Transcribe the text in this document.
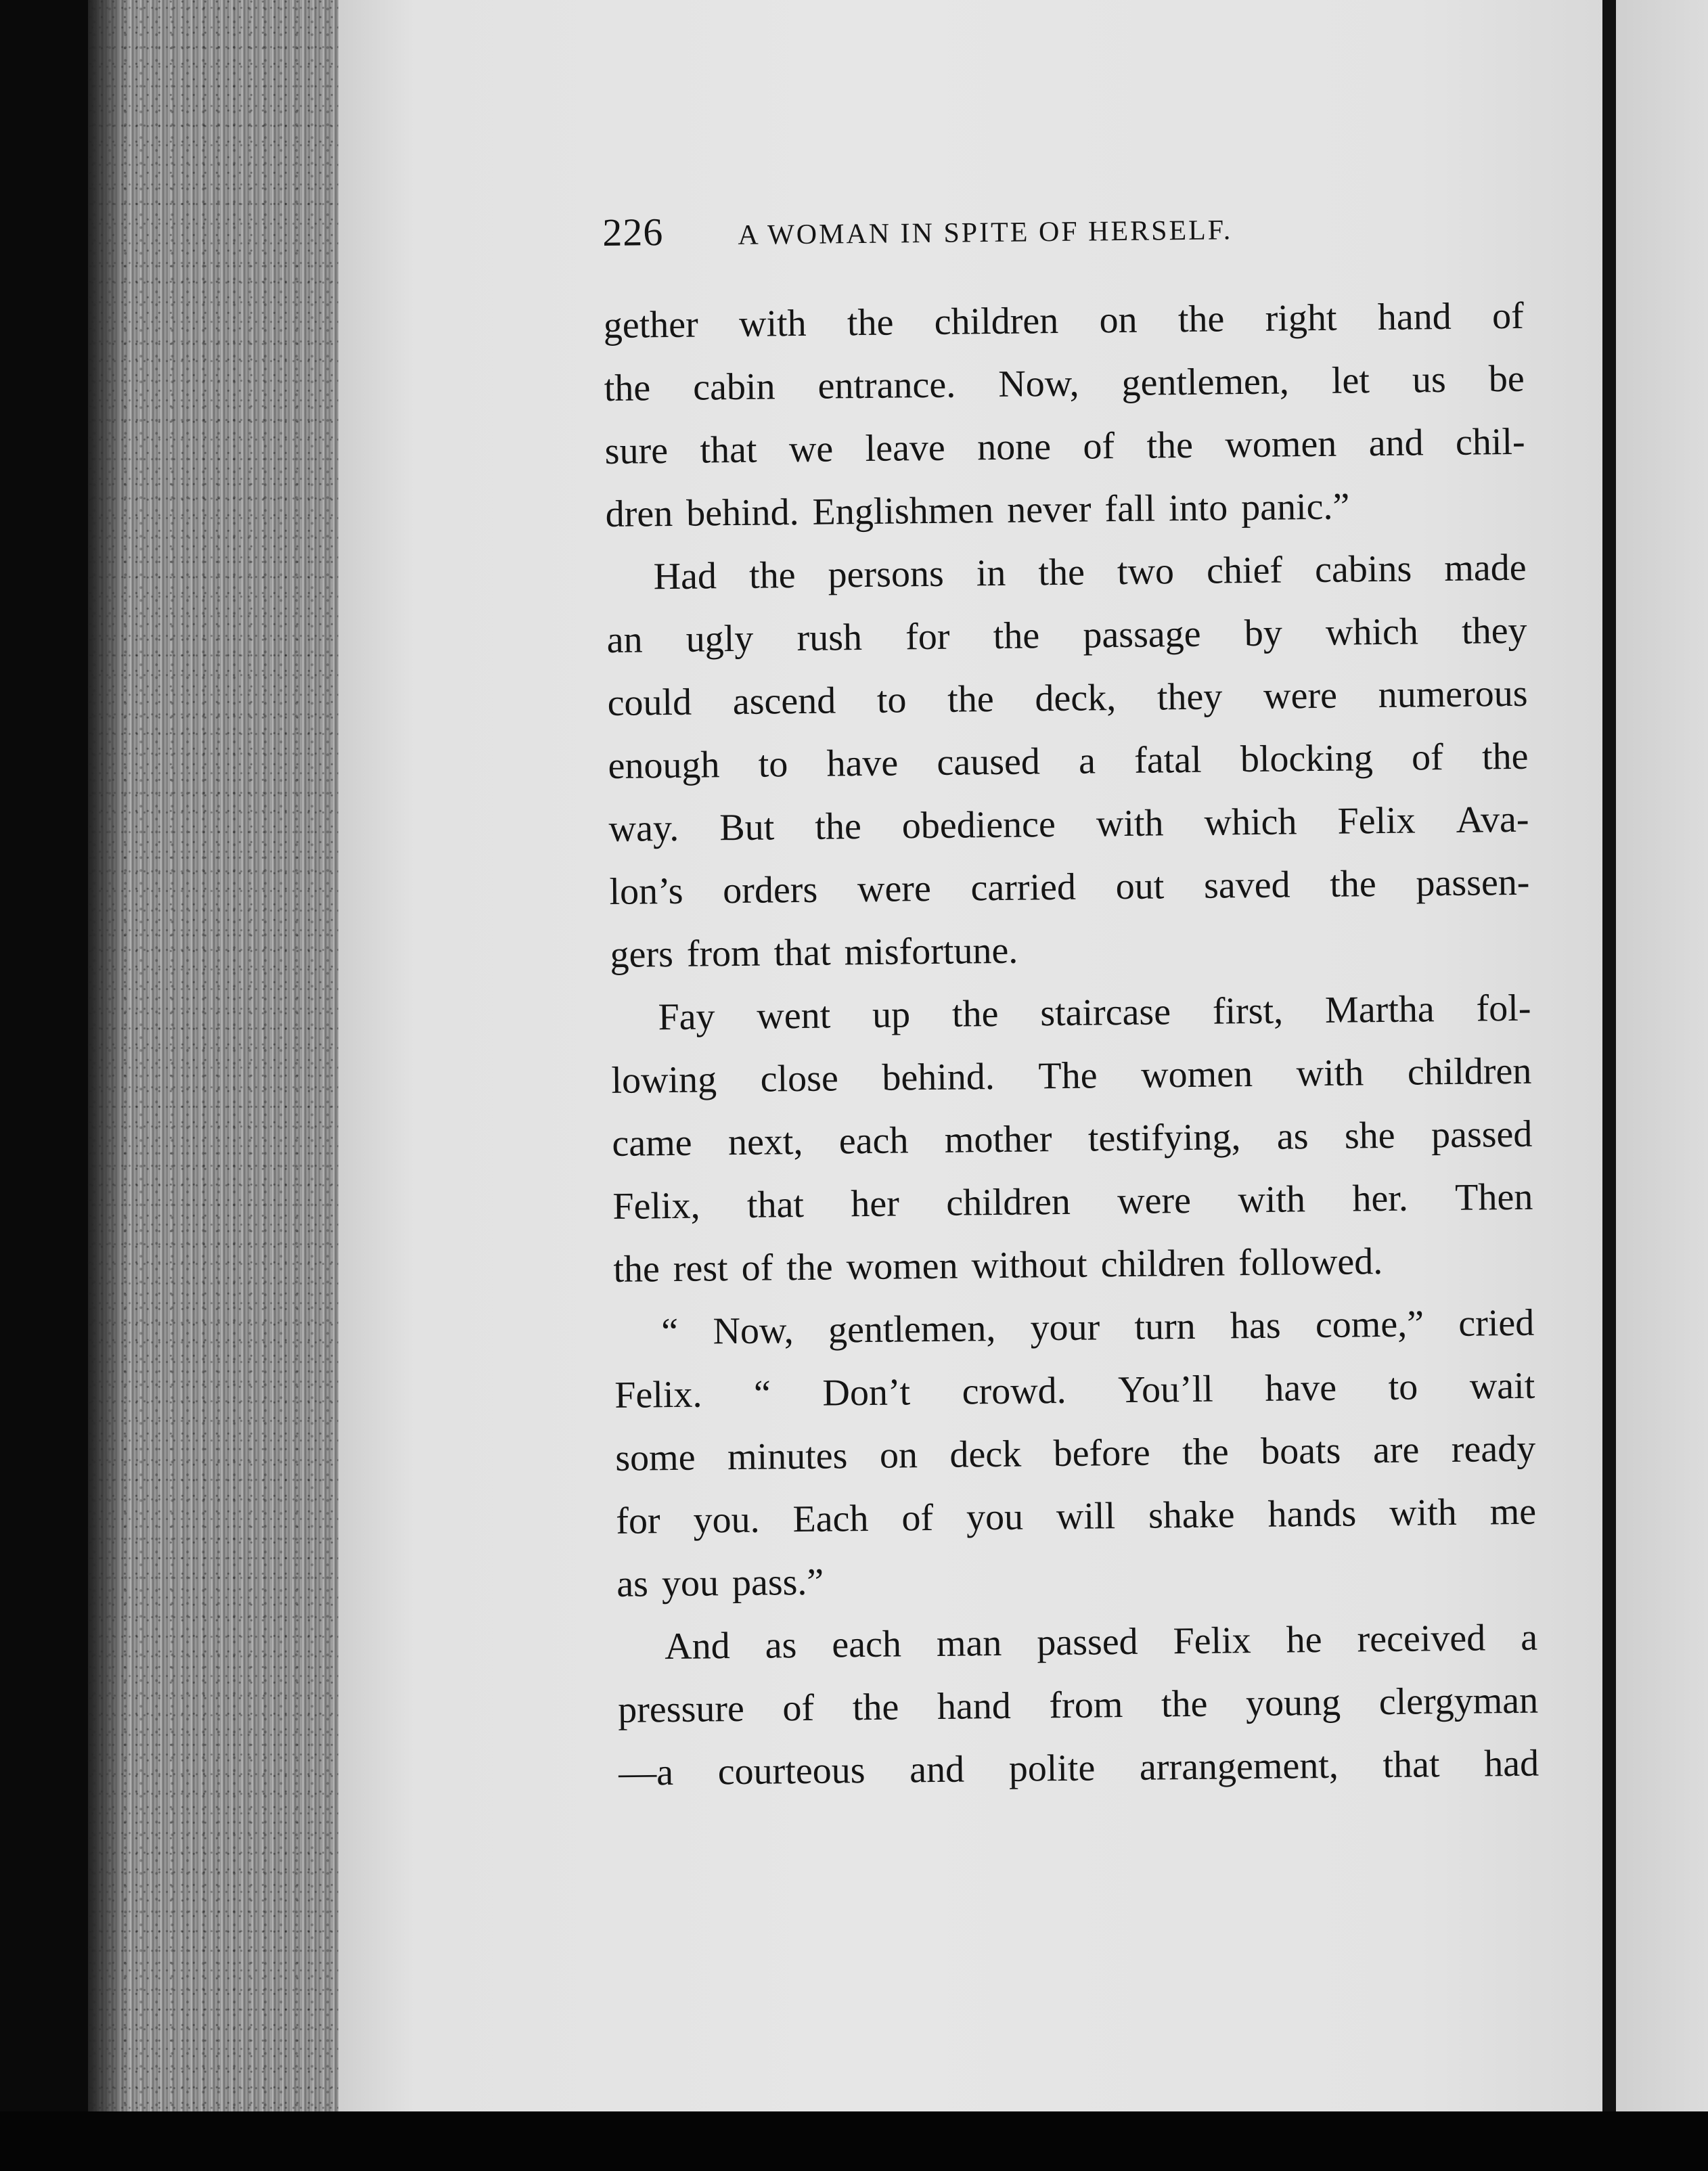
226	A WOMAN IN SPITE OF HERSELF.
gether with the children on the right hand of
the cabin entrance. Now, gentlemen, let us be
sure that we leave none of the women and chil-
dren behind. Englishmen never fall into panic.”
Had the persons in the two chief cabins made
an ugly rush for the passage by which they
could ascend to the deck, they were numerous
enough to have caused a fatal blocking of the
way. But the obedience with which Felix Ava-
lon’s orders were carried out saved the passen-
gers from that misfortune.
Fay went up the staircase first, Martha fol-
lowing close behind. The women with children
came next, each mother testifying, as she passed
Felix, that her children were with her. Then
the rest of the women without children followed.
“ Now, gentlemen, your turn has come,” cried
Felix. “ Don’t crowd. You’ll have to wait
some minutes on deck before the boats are ready
for you. Each of you will shake hands with me
as you pass.”
And as each man passed Felix he received a
pressure of the hand from the young clergyman
—a courteous and polite arrangement, that had
